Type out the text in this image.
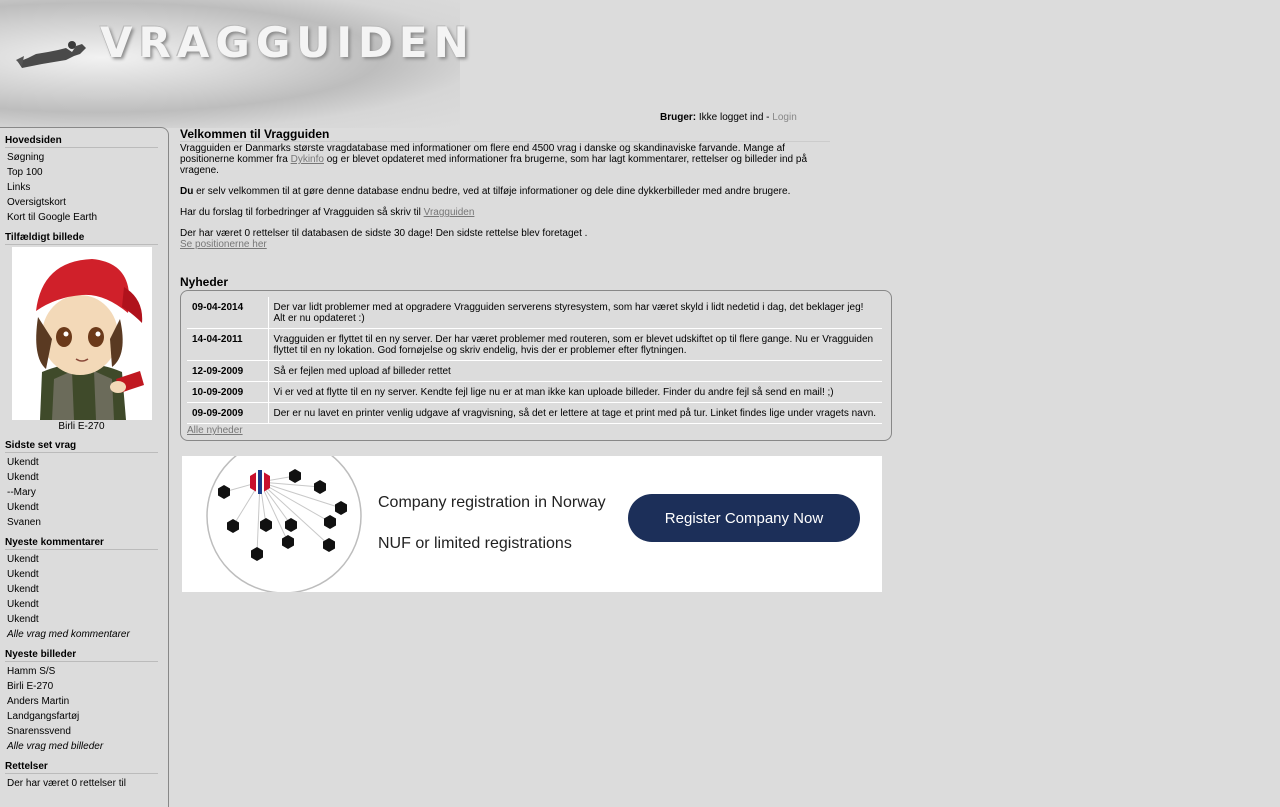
VRAGGUIDEN
Bruger: Ikke logget ind - Login
Hovedsiden
Søgning
Top 100
Links
Oversigtskort
Kort til Google Earth
Tilfældigt billede
Birli E-270
Sidste set vrag
Ukendt
Ukendt
--Mary
Ukendt
Svanen
Nyeste kommentarer
Ukendt
Ukendt
Ukendt
Ukendt
Ukendt
Alle vrag med kommentarer
Nyeste billeder
Hamm S/S
Birli E-270
Anders Martin
Landgangsfartøj
Snarenssvend
Alle vrag med billeder
Rettelser
Der har været 0 rettelser til
Velkommen til Vragguiden

Vragguiden er Danmarks største vragdatabase med informationer om flere end 4500 vrag i danske og skandinaviske farvande. Mange af positionerne kommer fra Dykinfo og er blevet opdateret med informationer fra brugerne, som har lagt kommentarer, rettelser og billeder ind på vragene.

Du er selv velkommen til at gøre denne database endnu bedre, ved at tilføje informationer og dele dine dykkerbilleder med andre brugere.

Har du forslag til forbedringer af Vragguiden så skriv til Vragguiden

Der har været 0 rettelser til databasen de sidste 30 dage! Den sidste rettelse blev foretaget .
Se positionerne her

Nyheder
09-04-2014	Der var lidt problemer med at opgradere Vragguiden serverens styresystem, som har været skyld i lidt nedetid i dag, det beklager jeg! Alt er nu opdateret :)
14-04-2011	Vragguiden er flyttet til en ny server. Der har været problemer med routeren, som er blevet udskiftet op til flere gange. Nu er Vragguiden flyttet til en ny lokation. God fornøjelse og skriv endelig, hvis der er problemer efter flytningen.
12-09-2009	Så er fejlen med upload af billeder rettet
10-09-2009	Vi er ved at flytte til en ny server. Kendte fejl lige nu er at man ikke kan uploade billeder. Finder du andre fejl så send en mail! ;)
09-09-2009	Der er nu lavet en printer venlig udgave af vragvisning, så det er lettere at tage et print med på tur. Linket findes lige under vragets navn.
Alle nyheder
Company registration in Norway
NUF or limited registrations
Register Company Now
